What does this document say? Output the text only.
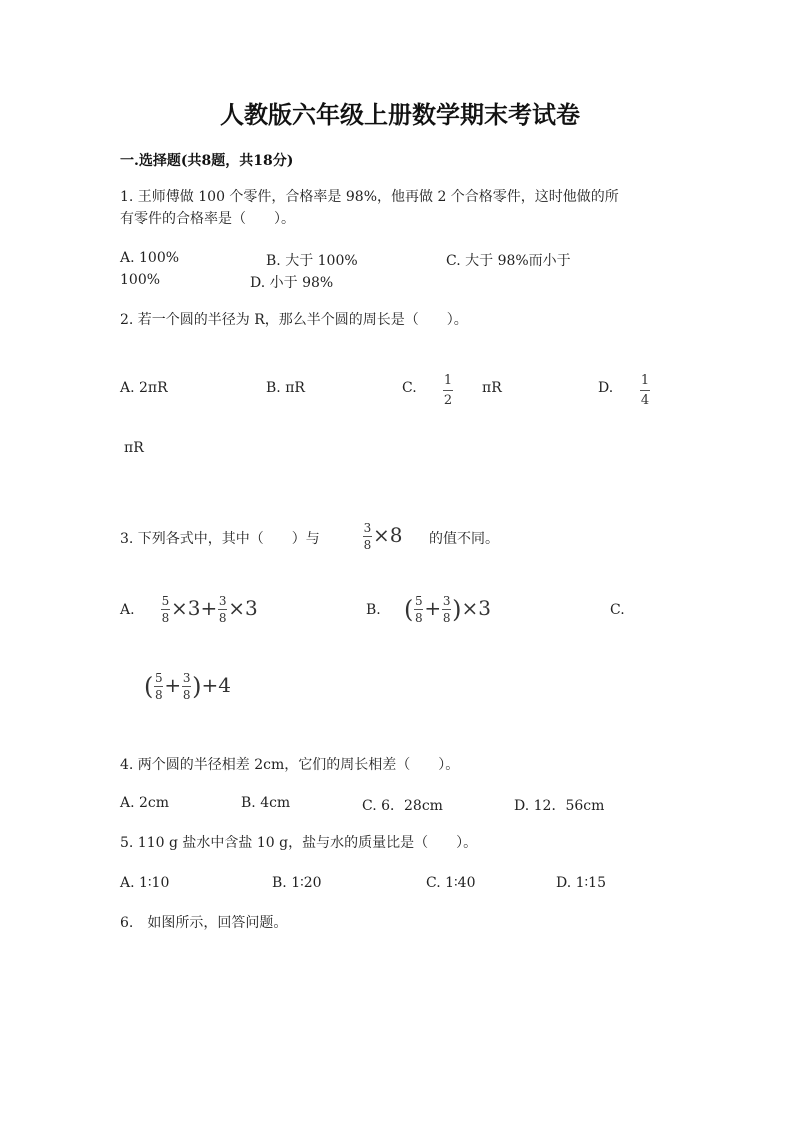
人教版六年级上册数学期末考试卷
一.选择题(共8题，共18分)
1. 王师傅做 100 个零件，合格率是 98%，他再做 2 个合格零件，这时他做的所
有零件的合格率是（　　）。
A. 100%	B. 大于 100%	C. 大于 98%而小于
100%	D. 小于 98%
2. 若一个圆的半径为 R，那么半个圆的周长是（　　）。
A. 2πR	B. πR	C. 1
2
πR	D. 1
4
πR
3. 下列各式中，其中（　　）与	$\frac{3}{8} \times 8$ 的值不同。
A. $\frac{5}{8} \times 3+ \frac{3}{8} \times 3$	B. ( $\frac{5}{8} + \frac{3}{8} )\times 3$	C.
( $\frac{5}{8} + \frac{3}{8} )+4$
4. 两个圆的半径相差 2cm，它们的周长相差（　　）。
A. 2cm	B. 4cm	C. 6．28cm	D. 12．56cm
5. 110 g 盐水中含盐 10 g，盐与水的质量比是（　　）。
A. 1∶10	B. 1∶20	C. 1∶40	D. 1∶15
6.　如图所示，回答问题。
